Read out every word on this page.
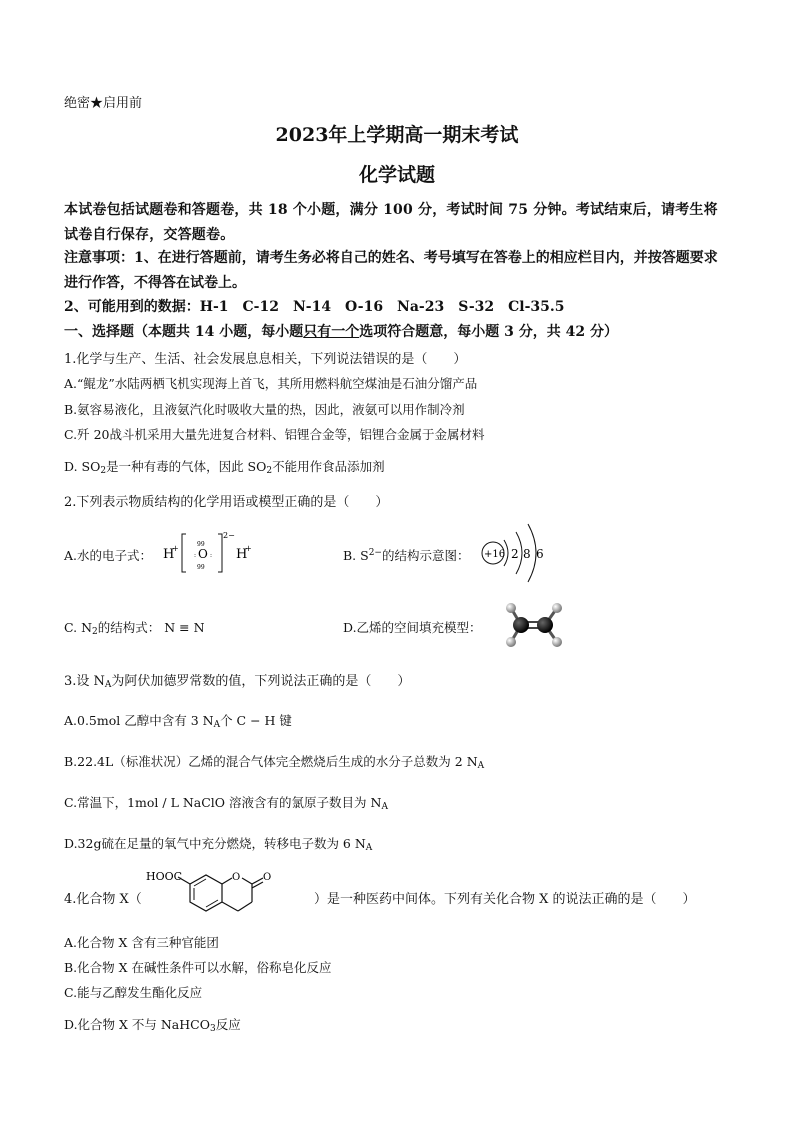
绝密★启用前
2023年上学期高一期末考试
化学试题
本试卷包括试题卷和答题卷，共 18 个小题，满分 100 分，考试时间 75 分钟。考试结束后，请考生将试卷自行保存，交答题卷。
注意事项：1、在进行答题前，请考生务必将自己的姓名、考号填写在答卷上的相应栏目内，并按答题要求进行作答，不得答在试卷上。
2、可能用到的数据：H-1　C-12　N-14　O-16　Na-23　S-32　Cl-35.5
一、选择题（本题共 14 小题，每小题只有一个选项符合题意，每小题 3 分，共 42 分）
1.化学与生产、生活、社会发展息息相关，下列说法错误的是（　　）
A.“鲲龙”水陆两栖飞机实现海上首飞，其所用燃料航空煤油是石油分馏产品
B.氨容易液化，且液氨汽化时吸收大量的热，因此，液氨可以用作制冷剂
C.歼 20战斗机采用大量先进复合材料、铝锂合金等，铝锂合金属于金属材料
D. $SO_2$是一种有毒的气体，因此 $SO_2$不能用作食品添加剂
2.下列表示物质结构的化学用语或模型正确的是（　　）
A.水的电子式： H
+
: O :
99
99
2−
H
+	B. $S^{2-}$的结构示意图： +16 2 8 6
C. $N_2$的结构式： N ≡ N	D.乙烯的空间填充模型：
3.设 $N_A$为阿伏加德罗常数的值，下列说法正确的是（　　）
A.0.5mol 乙醇中含有 3 $N_A$个 C − H 键
B.22.4L（标准状况）乙烯的混合气体完全燃烧后生成的水分子总数为 2 $N_A$
C.常温下，1mol / L NaClO 溶液含有的氯原子数目为 $N_A$
D.32g硫在足量的氧气中充分燃烧，转移电子数为 6 $N_A$
4.化合物 X（
HOOC	O O
）是一种医药中间体。下列有关化合物 X 的说法正确的是（　　）
A.化合物 X 含有三种官能团
B.化合物 X 在碱性条件可以水解，俗称皂化反应
C.能与乙醇发生酯化反应
D.化合物 X 不与 NaHCO$_3$反应
